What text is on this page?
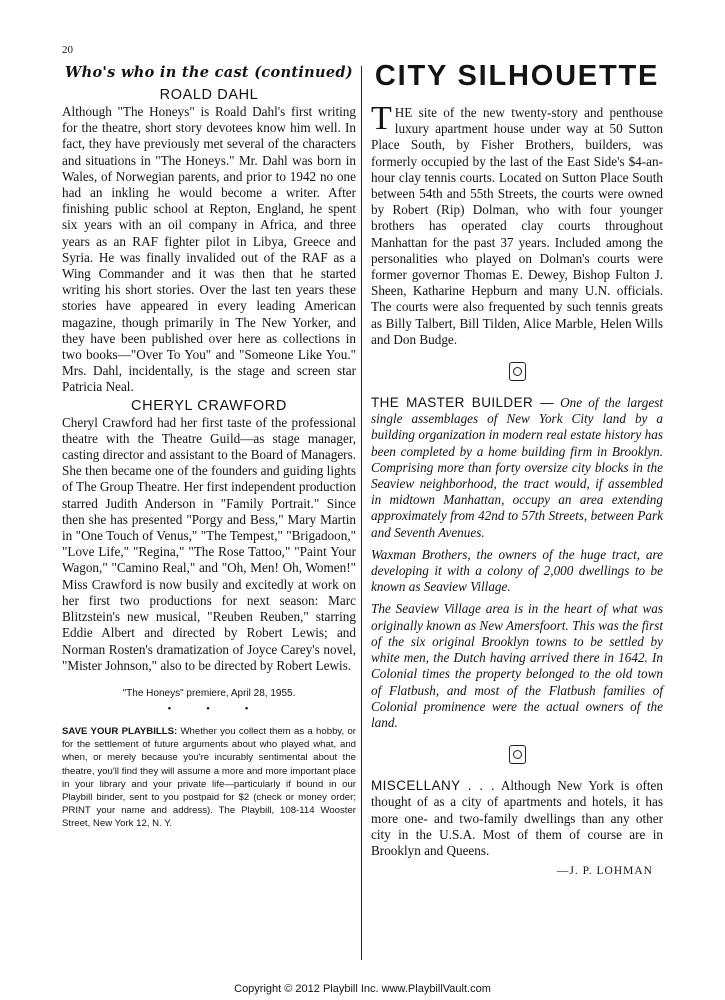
20
Who's who in the cast (continued)
ROALD DAHL

Although "The Honeys" is Roald Dahl's first writing for the theatre, short story devotees know him well. In fact, they have previously met several of the characters and situations in "The Honeys." Mr. Dahl was born in Wales, of Norwegian parents, and prior to 1942 no one had an inkling he would become a writer. After finishing public school at Repton, England, he spent six years with an oil company in Africa, and three years as an RAF fighter pilot in Libya, Greece and Syria. He was finally invalided out of the RAF as a Wing Commander and it was then that he started writing his short stories. Over the last ten years these stories have appeared in every leading American magazine, though primarily in The New Yorker, and they have been published over here as collections in two books—"Over To You" and "Someone Like You." Mrs. Dahl, incidentally, is the stage and screen star Patricia Neal.

CHERYL CRAWFORD

Cheryl Crawford had her first taste of the professional theatre with the Theatre Guild—as stage manager, casting director and assistant to the Board of Managers. She then became one of the founders and guiding lights of The Group Theatre. Her first independent production starred Judith Anderson in "Family Portrait." Since then she has presented "Porgy and Bess," Mary Martin in "One Touch of Venus," "The Tempest," "Brigadoon," "Love Life," "Regina," "The Rose Tattoo," "Paint Your Wagon," "Camino Real," and "Oh, Men! Oh, Women!" Miss Crawford is now busily and excitedly at work on her first two productions for next season: Marc Blitzstein's new musical, "Reuben Reuben," starring Eddie Albert and directed by Robert Lewis; and Norman Rosten's dramatization of Joyce Carey's novel, "Mister Johnson," also to be directed by Robert Lewis.

"The Honeys" premiere, April 28, 1955.
• • •

SAVE YOUR PLAYBILLS: Whether you collect them as a hobby, or for the settlement of future arguments about who played what, and when, or merely because you're incurably sentimental about the theatre, you'll find they will assume a more and more important place in your library and your private life—particularly if bound in our Playbill binder, sent to you postpaid for $2 (check or money order; PRINT your name and address). The Playbill, 108-114 Wooster Street, New York 12, N. Y.

CITY SILHOUETTE

THE site of the new twenty-story and penthouse luxury apartment house under way at 50 Sutton Place South, by Fisher Brothers, builders, was formerly occupied by the last of the East Side's $4-an-hour clay tennis courts. Located on Sutton Place South between 54th and 55th Streets, the courts were owned by Robert (Rip) Dolman, who with four younger brothers has operated clay courts throughout Manhattan for the past 37 years. Included among the personalities who played on Dolman's courts were former governor Thomas E. Dewey, Bishop Fulton J. Sheen, Katharine Hepburn and many U.N. officials. The courts were also frequented by such tennis greats as Billy Talbert, Bill Tilden, Alice Marble, Helen Wills and Don Budge.

THE MASTER BUILDER — One of the largest single assemblages of New York City land by a building organization in modern real estate history has been completed by a home building firm in Brooklyn. Comprising more than forty oversize city blocks in the Seaview neighborhood, the tract would, if assembled in midtown Manhattan, occupy an area extending approximately from 42nd to 57th Streets, between Park and Seventh Avenues.

Waxman Brothers, the owners of the huge tract, are developing it with a colony of 2,000 dwellings to be known as Seaview Village.

The Seaview Village area is in the heart of what was originally known as New Amersfoort. This was the first of the six original Brooklyn towns to be settled by white men, the Dutch having arrived there in 1642. In Colonial times the property belonged to the old town of Flatbush, and most of the Flatbush families of Colonial prominence were the actual owners of the land.

MISCELLANY . . . Although New York is often thought of as a city of apartments and hotels, it has more one- and two-family dwellings than any other city in the U.S.A. Most of them of course are in Brooklyn and Queens.

—J. P. LOHMAN
Copyright © 2012 Playbill Inc. www.PlaybillVault.com
